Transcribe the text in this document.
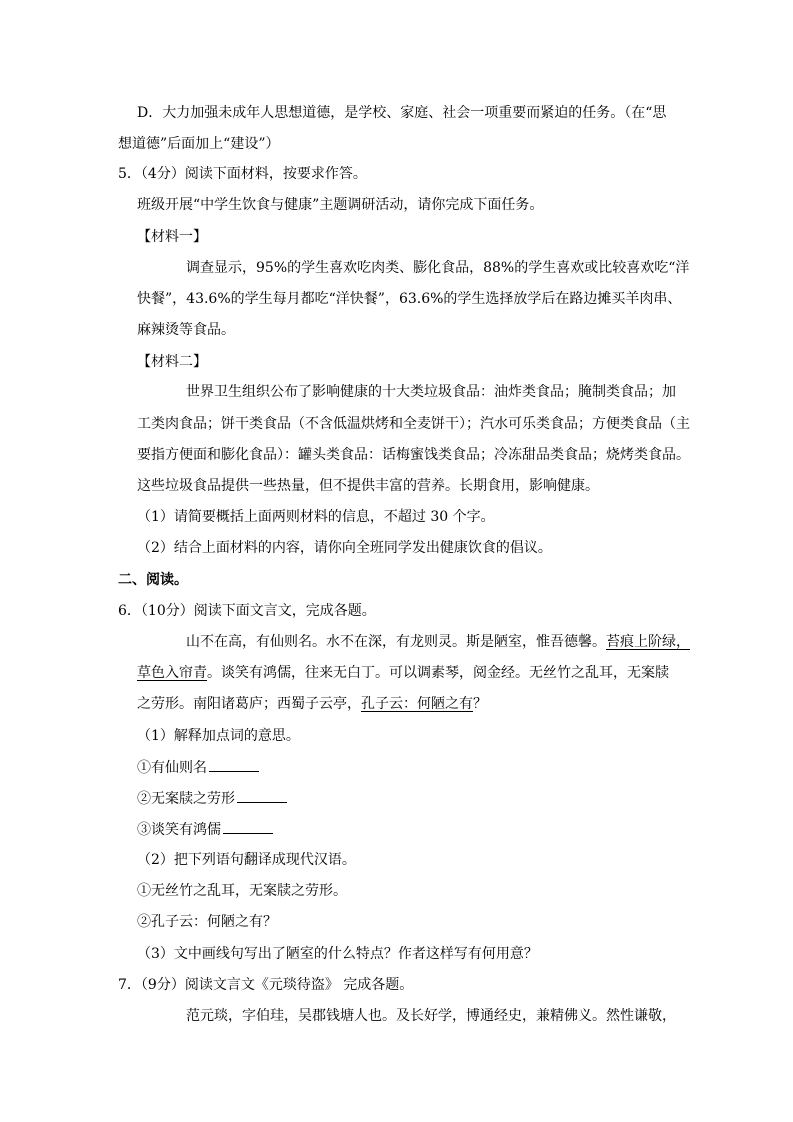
D．大力加强未成年人思想道德，是学校、家庭、社会一项重要而紧迫的任务。（在“思
想道德”后面加上“建设”）
5．（4分）阅读下面材料，按要求作答。
班级开展“中学生饮食与健康”主题调研活动，请你完成下面任务。
【材料一】
调查显示，95%的学生喜欢吃肉类、膨化食品，88%的学生喜欢或比较喜欢吃“洋
快餐”，43.6%的学生每月都吃“洋快餐”，63.6%的学生选择放学后在路边摊买羊肉串、
麻辣烫等食品。
【材料二】
世界卫生组织公布了影响健康的十大类垃圾食品：油炸类食品；腌制类食品；加
工类肉食品；饼干类食品（不含低温烘烤和全麦饼干）；汽水可乐类食品；方便类食品（主
要指方便面和膨化食品）：罐头类食品：话梅蜜饯类食品；冷冻甜品类食品；烧烤类食品。
这些垃圾食品提供一些热量，但不提供丰富的营养。长期食用，影响健康。
（1）请简要概括上面两则材料的信息，不超过 30 个字。
（2）结合上面材料的内容，请你向全班同学发出健康饮食的倡议。
二、阅读。
6．（10分）阅读下面文言文，完成各题。
山不在高，有仙则名。水不在深，有龙则灵。斯是陋室，惟吾德馨。苔痕上阶绿，
草色入帘青。谈笑有鸿儒，往来无白丁。可以调素琴，阅金经。无丝竹之乱耳，无案牍
之劳形。南阳诸葛庐；西蜀子云亭，孔子云：何陋之有？
（1）解释加点词的意思。
①有仙则名
②无案牍之劳形
③谈笑有鸿儒
（2）把下列语句翻译成现代汉语。
①无丝竹之乱耳，无案牍之劳形。
②孔子云：何陋之有？
（3）文中画线句写出了陋室的什么特点？作者这样写有何用意？
7．（9分）阅读文言文《元琰待盗》 完成各题。
范元琰，字伯珪，吴郡钱塘人也。及长好学，博通经史，兼精佛义。然性谦敬，
